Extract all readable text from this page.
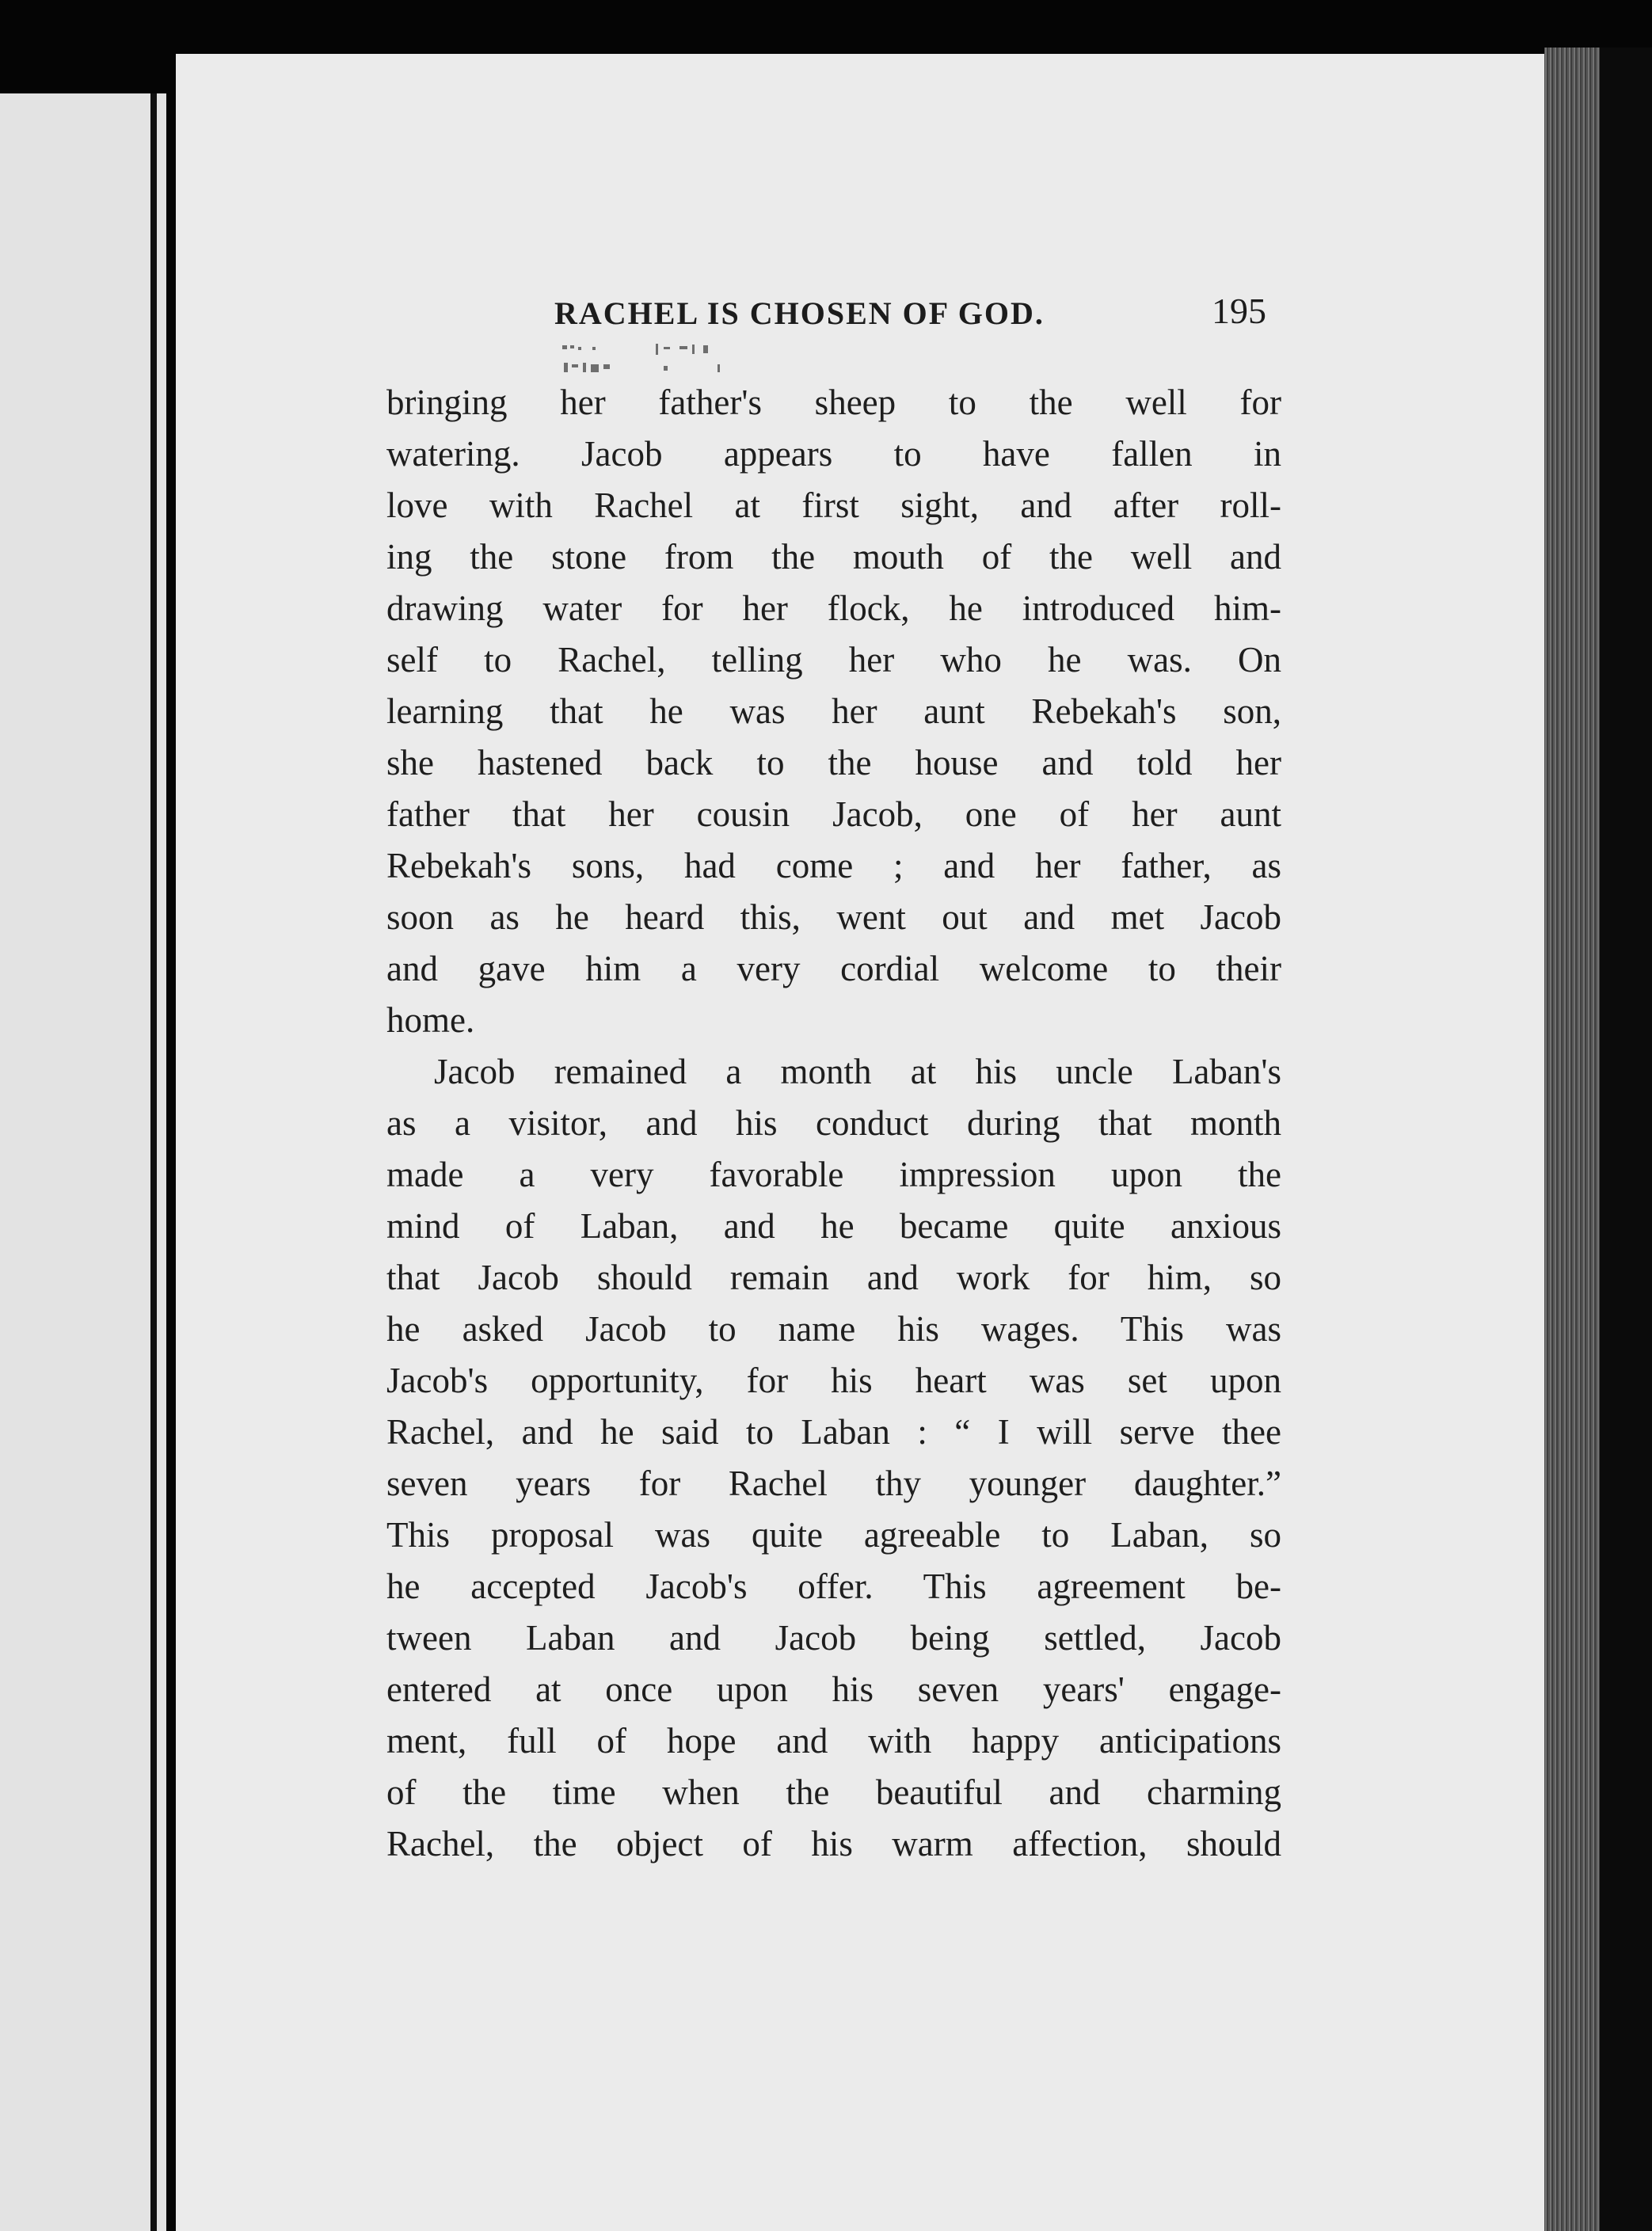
RACHEL IS CHOSEN OF GOD.	195

bringing her father's sheep to the well for
watering. Jacob appears to have fallen in
love with Rachel at first sight, and after roll-
ing the stone from the mouth of the well and
drawing water for her flock, he introduced him-
self to Rachel, telling her who he was. On
learning that he was her aunt Rebekah's son,
she hastened back to the house and told her
father that her cousin Jacob, one of her aunt
Rebekah's sons, had come ; and her father, as
soon as he heard this, went out and met Jacob
and gave him a very cordial welcome to their
home.

Jacob remained a month at his uncle Laban's
as a visitor, and his conduct during that month
made a very favorable impression upon the
mind of Laban, and he became quite anxious
that Jacob should remain and work for him, so
he asked Jacob to name his wages. This was
Jacob's opportunity, for his heart was set upon
Rachel, and he said to Laban : “ I will serve thee
seven years for Rachel thy younger daughter.”
This proposal was quite agreeable to Laban, so
he accepted Jacob's offer. This agreement be-
tween Laban and Jacob being settled, Jacob
entered at once upon his seven years' engage-
ment, full of hope and with happy anticipations
of the time when the beautiful and charming
Rachel, the object of his warm affection, should
